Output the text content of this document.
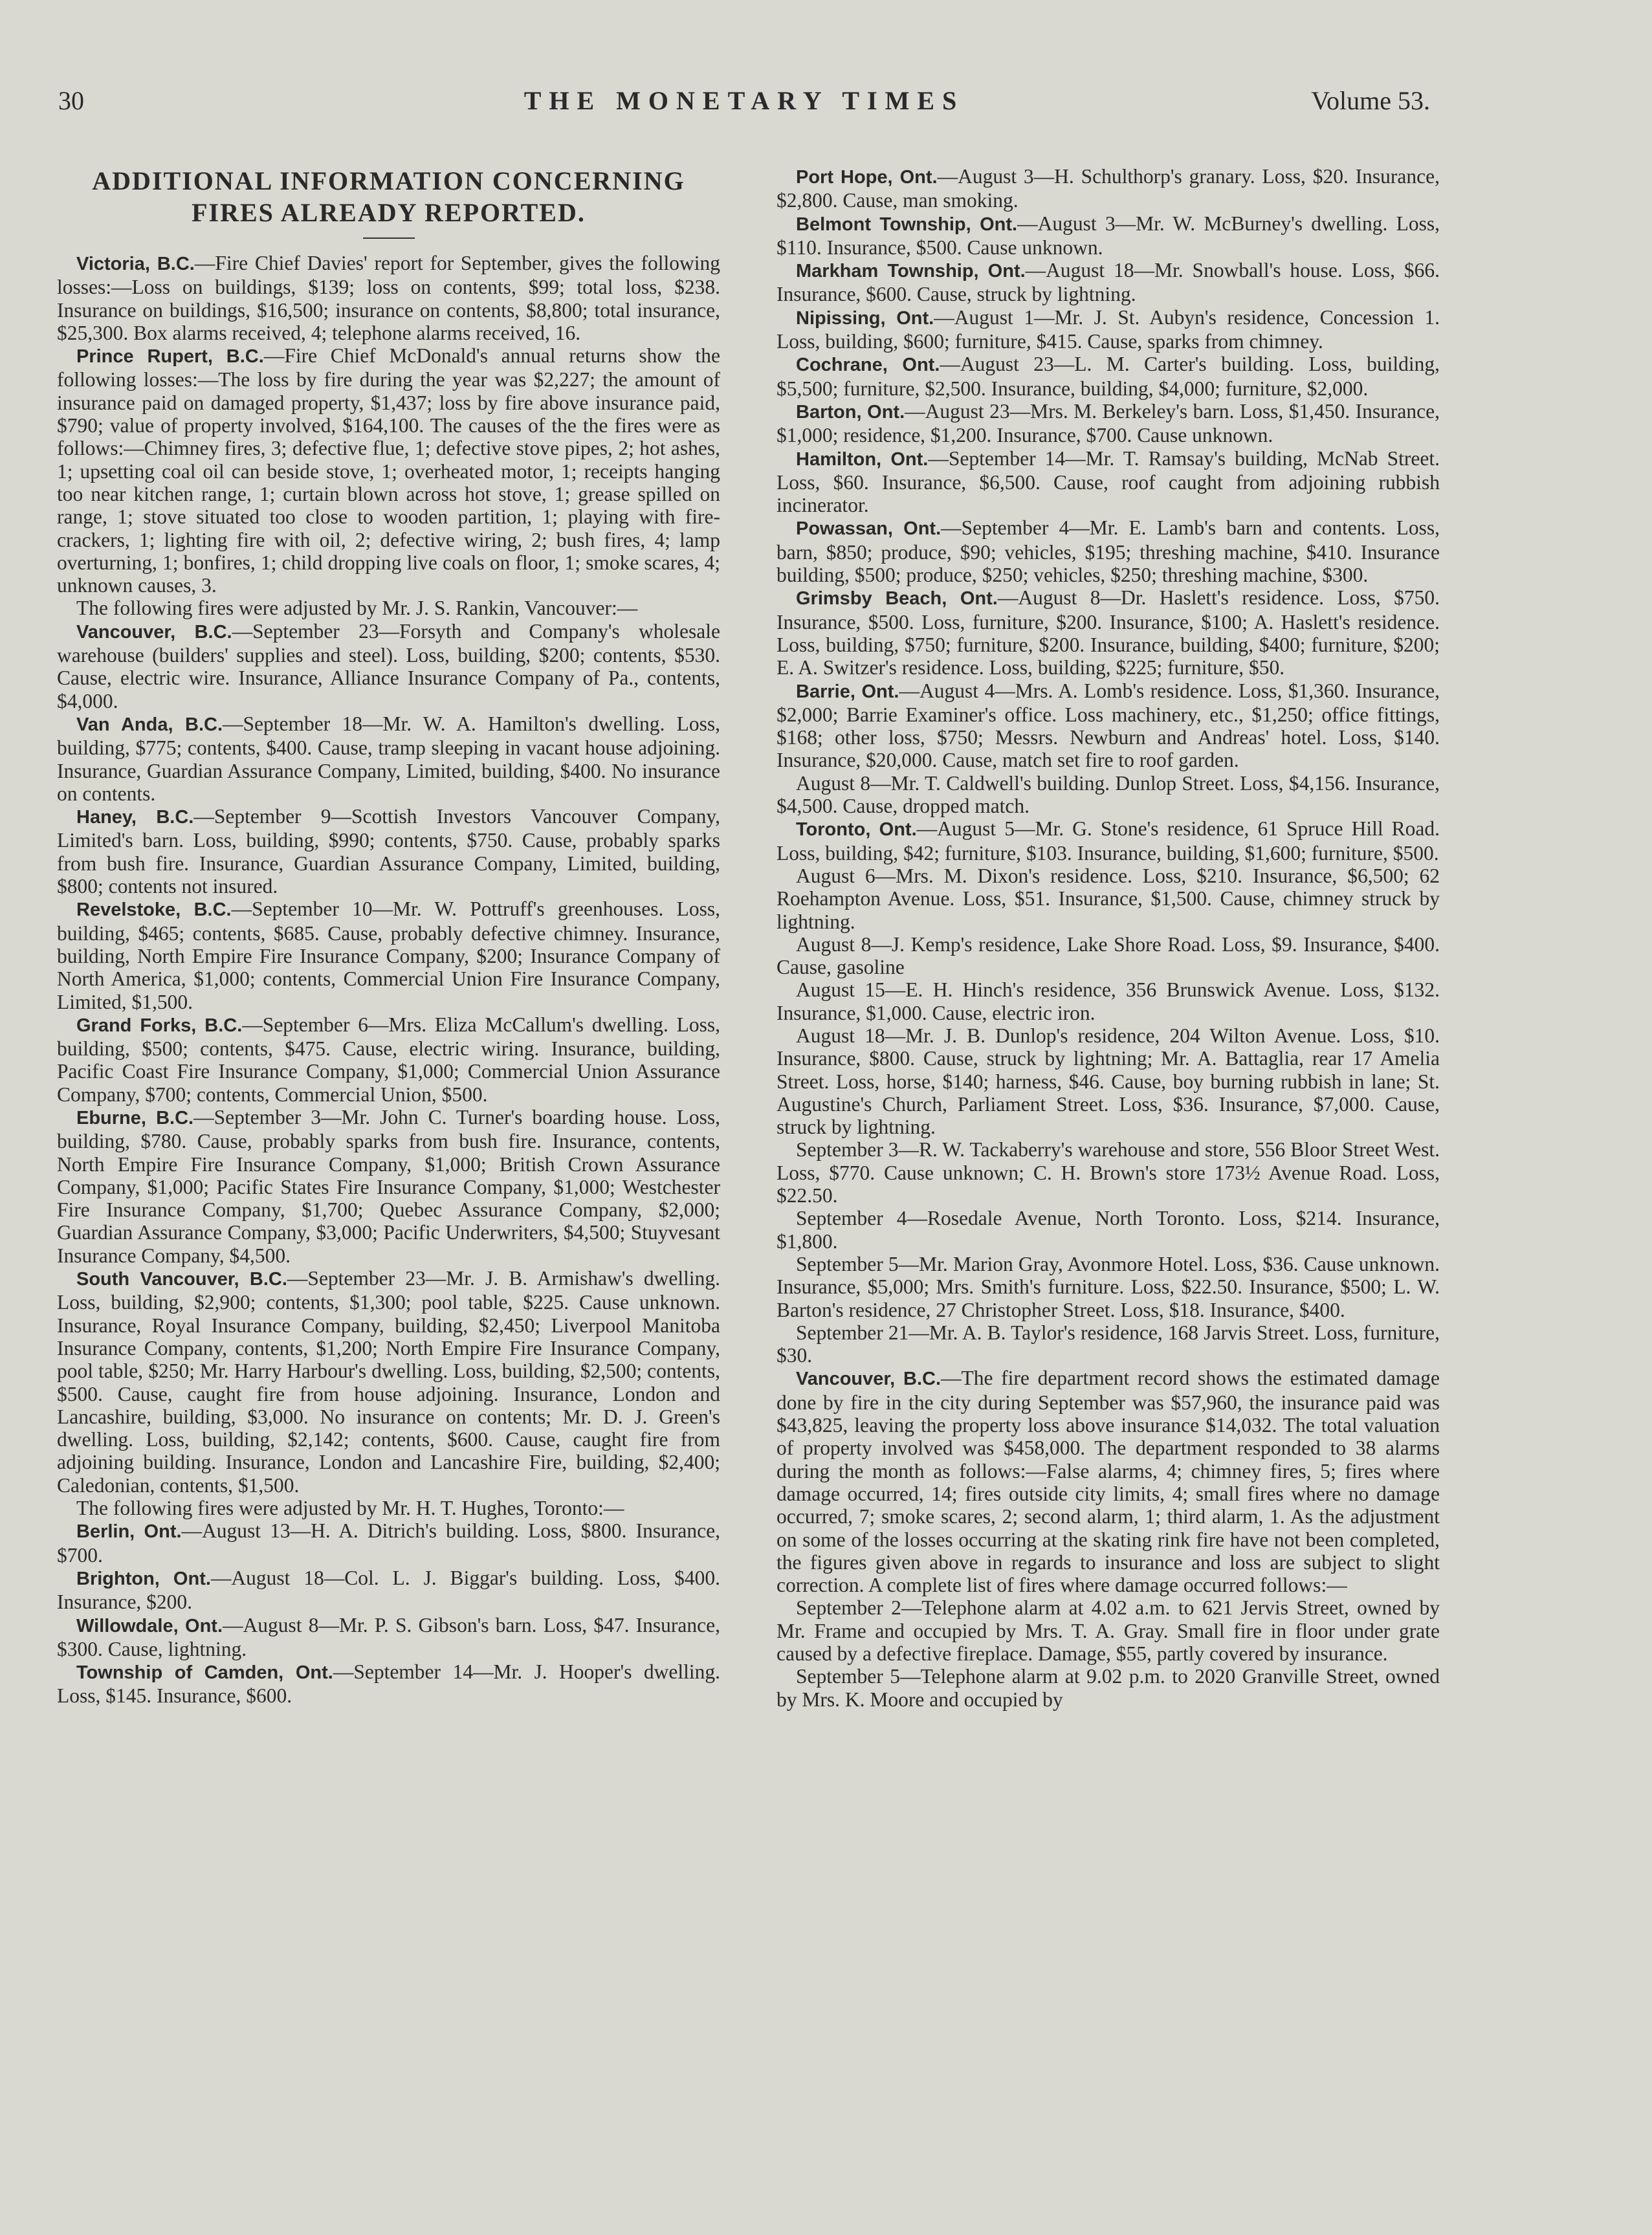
30	THE MONETARY TIMES	Volume 53.
ADDITIONAL INFORMATION CONCERNING FIRES ALREADY REPORTED.

Victoria, B.C.—Fire Chief Davies' report for September, gives the following losses:—Loss on buildings, $139; loss on contents, $99; total loss, $238. Insurance on buildings, $16,500; insurance on contents, $8,800; total insurance, $25,300. Box alarms received, 4; telephone alarms received, 16.

Prince Rupert, B.C.—Fire Chief McDonald's annual returns show the following losses:—The loss by fire during the year was $2,227; the amount of insurance paid on damaged property, $1,437; loss by fire above insurance paid, $790; value of property involved, $164,100. The causes of the the fires were as follows:—Chimney fires, 3; defective flue, 1; defective stove pipes, 2; hot ashes, 1; upsetting coal oil can beside stove, 1; overheated motor, 1; receipts hanging too near kitchen range, 1; curtain blown across hot stove, 1; grease spilled on range, 1; stove situated too close to wooden partition, 1; playing with fire-crackers, 1; lighting fire with oil, 2; defective wiring, 2; bush fires, 4; lamp overturning, 1; bonfires, 1; child dropping live coals on floor, 1; smoke scares, 4; unknown causes, 3.

The following fires were adjusted by Mr. J. S. Rankin, Vancouver:—

Vancouver, B.C.—September 23—Forsyth and Company's wholesale warehouse (builders' supplies and steel). Loss, building, $200; contents, $530. Cause, electric wire. Insurance, Alliance Insurance Company of Pa., contents, $4,000.

Van Anda, B.C.—September 18—Mr. W. A. Hamilton's dwelling. Loss, building, $775; contents, $400. Cause, tramp sleeping in vacant house adjoining. Insurance, Guardian Assurance Company, Limited, building, $400. No insurance on contents.

Haney, B.C.—September 9—Scottish Investors Vancouver Company, Limited's barn. Loss, building, $990; contents, $750. Cause, probably sparks from bush fire. Insurance, Guardian Assurance Company, Limited, building, $800; contents not insured.

Revelstoke, B.C.—September 10—Mr. W. Pottruff's greenhouses. Loss, building, $465; contents, $685. Cause, probably defective chimney. Insurance, building, North Empire Fire Insurance Company, $200; Insurance Company of North America, $1,000; contents, Commercial Union Fire Insurance Company, Limited, $1,500.

Grand Forks, B.C.—September 6—Mrs. Eliza McCallum's dwelling. Loss, building, $500; contents, $475. Cause, electric wiring. Insurance, building, Pacific Coast Fire Insurance Company, $1,000; Commercial Union Assurance Company, $700; contents, Commercial Union, $500.

Eburne, B.C.—September 3—Mr. John C. Turner's boarding house. Loss, building, $780. Cause, probably sparks from bush fire. Insurance, contents, North Empire Fire Insurance Company, $1,000; British Crown Assurance Company, $1,000; Pacific States Fire Insurance Company, $1,000; Westchester Fire Insurance Company, $1,700; Quebec Assurance Company, $2,000; Guardian Assurance Company, $3,000; Pacific Underwriters, $4,500; Stuyvesant Insurance Company, $4,500.

South Vancouver, B.C.—September 23—Mr. J. B. Armishaw's dwelling. Loss, building, $2,900; contents, $1,300; pool table, $225. Cause unknown. Insurance, Royal Insurance Company, building, $2,450; Liverpool Manitoba Insurance Company, contents, $1,200; North Empire Fire Insurance Company, pool table, $250; Mr. Harry Harbour's dwelling. Loss, building, $2,500; contents, $500. Cause, caught fire from house adjoining. Insurance, London and Lancashire, building, $3,000. No insurance on contents; Mr. D. J. Green's dwelling. Loss, building, $2,142; contents, $600. Cause, caught fire from adjoining building. Insurance, London and Lancashire Fire, building, $2,400; Caledonian, contents, $1,500.

The following fires were adjusted by Mr. H. T. Hughes, Toronto:—

Berlin, Ont.—August 13—H. A. Ditrich's building. Loss, $800. Insurance, $700.

Brighton, Ont.—August 18—Col. L. J. Biggar's building. Loss, $400. Insurance, $200.

Willowdale, Ont.—August 8—Mr. P. S. Gibson's barn. Loss, $47. Insurance, $300. Cause, lightning.

Township of Camden, Ont.—September 14—Mr. J. Hooper's dwelling. Loss, $145. Insurance, $600.

Port Hope, Ont.—August 3—H. Schulthorp's granary. Loss, $20. Insurance, $2,800. Cause, man smoking.

Belmont Township, Ont.—August 3—Mr. W. McBurney's dwelling. Loss, $110. Insurance, $500. Cause unknown.

Markham Township, Ont.—August 18—Mr. Snowball's house. Loss, $66. Insurance, $600. Cause, struck by lightning.

Nipissing, Ont.—August 1—Mr. J. St. Aubyn's residence, Concession 1. Loss, building, $600; furniture, $415. Cause, sparks from chimney.

Cochrane, Ont.—August 23—L. M. Carter's building. Loss, building, $5,500; furniture, $2,500. Insurance, building, $4,000; furniture, $2,000.

Barton, Ont.—August 23—Mrs. M. Berkeley's barn. Loss, $1,450. Insurance, $1,000; residence, $1,200. Insurance, $700. Cause unknown.

Hamilton, Ont.—September 14—Mr. T. Ramsay's building, McNab Street. Loss, $60. Insurance, $6,500. Cause, roof caught from adjoining rubbish incinerator.

Powassan, Ont.—September 4—Mr. E. Lamb's barn and contents. Loss, barn, $850; produce, $90; vehicles, $195; threshing machine, $410. Insurance building, $500; produce, $250; vehicles, $250; threshing machine, $300.

Grimsby Beach, Ont.—August 8—Dr. Haslett's residence. Loss, $750. Insurance, $500. Loss, furniture, $200. Insurance, $100; A. Haslett's residence. Loss, building, $750; furniture, $200. Insurance, building, $400; furniture, $200; E. A. Switzer's residence. Loss, building, $225; furniture, $50.

Barrie, Ont.—August 4—Mrs. A. Lomb's residence. Loss, $1,360. Insurance, $2,000; Barrie Examiner's office. Loss machinery, etc., $1,250; office fittings, $168; other loss, $750; Messrs. Newburn and Andreas' hotel. Loss, $140. Insurance, $20,000. Cause, match set fire to roof garden.

August 8—Mr. T. Caldwell's building. Dunlop Street. Loss, $4,156. Insurance, $4,500. Cause, dropped match.

Toronto, Ont.—August 5—Mr. G. Stone's residence, 61 Spruce Hill Road. Loss, building, $42; furniture, $103. Insurance, building, $1,600; furniture, $500.

August 6—Mrs. M. Dixon's residence. Loss, $210. Insurance, $6,500; 62 Roehampton Avenue. Loss, $51. Insurance, $1,500. Cause, chimney struck by lightning.

August 8—J. Kemp's residence, Lake Shore Road. Loss, $9. Insurance, $400. Cause, gasoline

August 15—E. H. Hinch's residence, 356 Brunswick Avenue. Loss, $132. Insurance, $1,000. Cause, electric iron.

August 18—Mr. J. B. Dunlop's residence, 204 Wilton Avenue. Loss, $10. Insurance, $800. Cause, struck by lightning; Mr. A. Battaglia, rear 17 Amelia Street. Loss, horse, $140; harness, $46. Cause, boy burning rubbish in lane; St. Augustine's Church, Parliament Street. Loss, $36. Insurance, $7,000. Cause, struck by lightning.

September 3—R. W. Tackaberry's warehouse and store, 556 Bloor Street West. Loss, $770. Cause unknown; C. H. Brown's store 173½ Avenue Road. Loss, $22.50.

September 4—Rosedale Avenue, North Toronto. Loss, $214. Insurance, $1,800.

September 5—Mr. Marion Gray, Avonmore Hotel. Loss, $36. Cause unknown. Insurance, $5,000; Mrs. Smith's furniture. Loss, $22.50. Insurance, $500; L. W. Barton's residence, 27 Christopher Street. Loss, $18. Insurance, $400.

September 21—Mr. A. B. Taylor's residence, 168 Jarvis Street. Loss, furniture, $30.

Vancouver, B.C.—The fire department record shows the estimated damage done by fire in the city during September was $57,960, the insurance paid was $43,825, leaving the property loss above insurance $14,032. The total valuation of property involved was $458,000. The department responded to 38 alarms during the month as follows:—False alarms, 4; chimney fires, 5; fires where damage occurred, 14; fires outside city limits, 4; small fires where no damage occurred, 7; smoke scares, 2; second alarm, 1; third alarm, 1. As the adjustment on some of the losses occurring at the skating rink fire have not been completed, the figures given above in regards to insurance and loss are subject to slight correction. A complete list of fires where damage occurred follows:—

September 2—Telephone alarm at 4.02 a.m. to 621 Jervis Street, owned by Mr. Frame and occupied by Mrs. T. A. Gray. Small fire in floor under grate caused by a defective fireplace. Damage, $55, partly covered by insurance.

September 5—Telephone alarm at 9.02 p.m. to 2020 Granville Street, owned by Mrs. K. Moore and occupied by
